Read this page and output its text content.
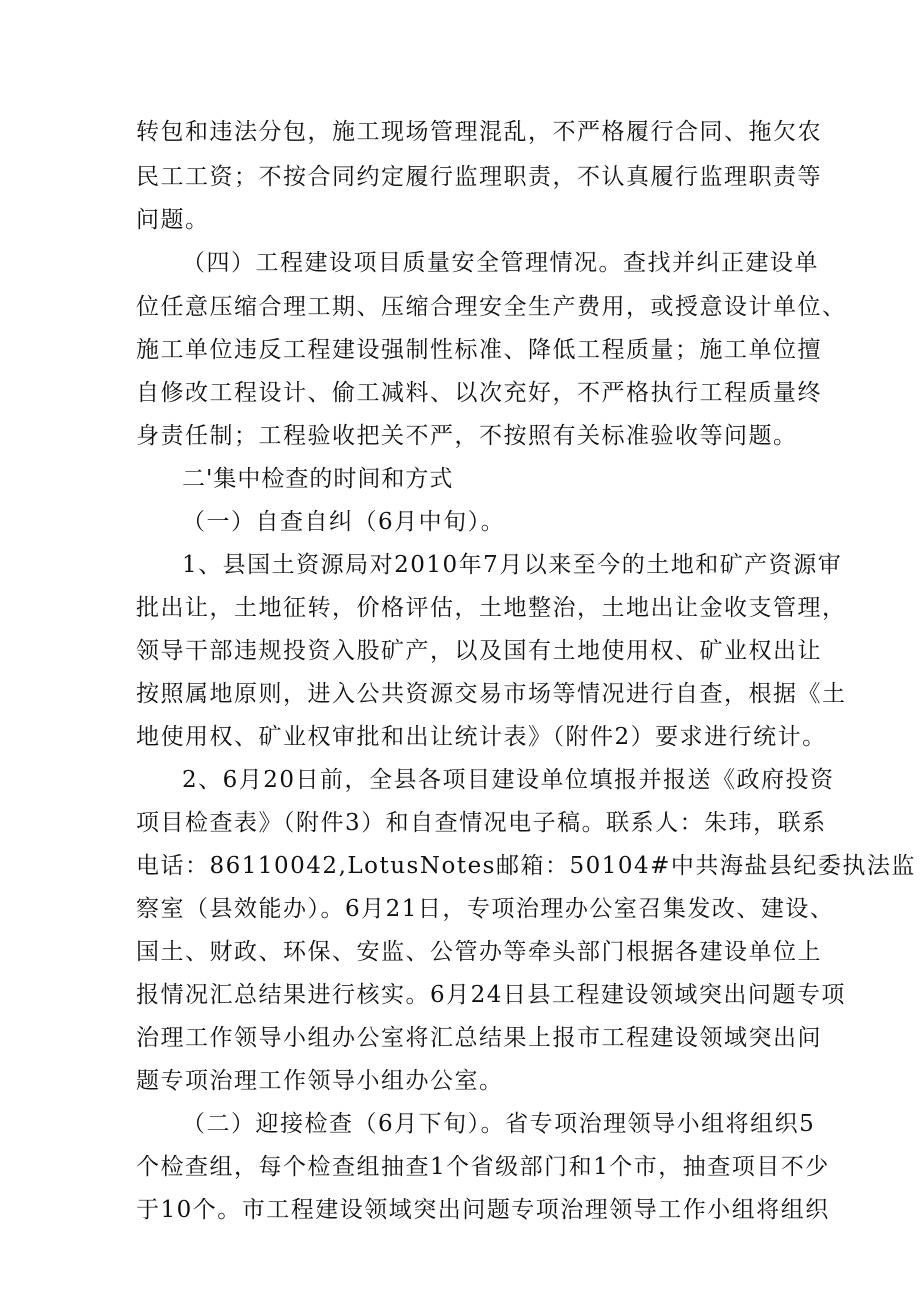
转包和违法分包，施工现场管理混乱，不严格履行合同、拖欠农
民工工资；不按合同约定履行监理职责，不认真履行监理职责等
问题。
（四）工程建设项目质量安全管理情况。查找并纠正建设单
位任意压缩合理工期、压缩合理安全生产费用，或授意设计单位、
施工单位违反工程建设强制性标准、降低工程质量；施工单位擅
自修改工程设计、偷工减料、以次充好，不严格执行工程质量终
身责任制；工程验收把关不严，不按照有关标准验收等问题。
二'集中检查的时间和方式
（一）自查自纠（6月中旬）。
1、县国土资源局对2010年7月以来至今的土地和矿产资源审
批出让，土地征转，价格评估，土地整治，土地出让金收支管理，
领导干部违规投资入股矿产，以及国有土地使用权、矿业权出让
按照属地原则，进入公共资源交易市场等情况进行自查，根据《土
地使用权、矿业权审批和出让统计表》（附件2）要求进行统计。
2、6月20日前，全县各项目建设单位填报并报送《政府投资
项目检查表》（附件3）和自查情况电子稿。联系人：朱玮，联系
电话：86110042,LotusNotes邮箱：50104#中共海盐县纪委执法监
察室（县效能办）。6月21日，专项治理办公室召集发改、建设、
国土、财政、环保、安监、公管办等牵头部门根据各建设单位上
报情况汇总结果进行核实。6月24日县工程建设领域突出问题专项
治理工作领导小组办公室将汇总结果上报市工程建设领域突出问
题专项治理工作领导小组办公室。
（二）迎接检查（6月下旬）。省专项治理领导小组将组织5
个检查组，每个检查组抽查1个省级部门和1个市，抽查项目不少
于10个。市工程建设领域突出问题专项治理领导工作小组将组织
